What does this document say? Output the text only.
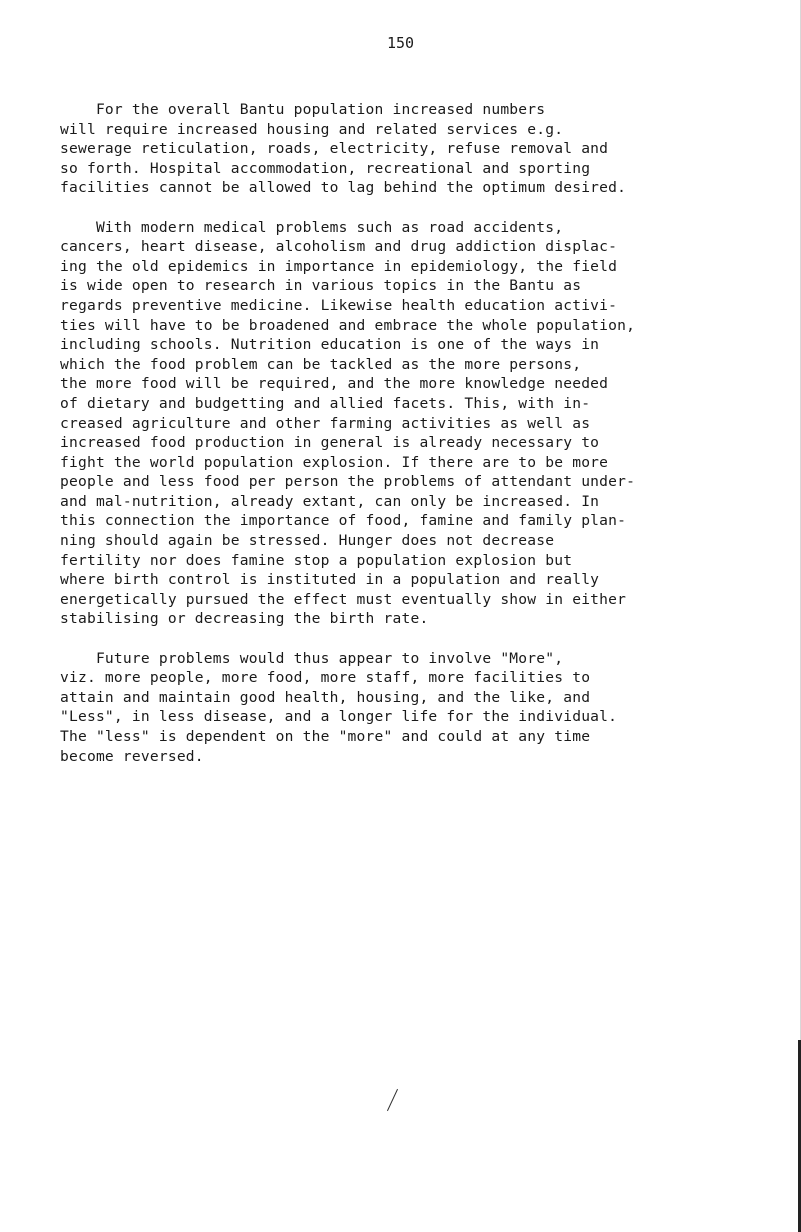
150
For the overall Bantu population increased numbers
will require increased housing and related services e.g.
sewerage reticulation, roads, electricity, refuse removal and
so forth. Hospital accommodation, recreational and sporting
facilities cannot be allowed to lag behind the optimum desired.
With modern medical problems such as road accidents,
cancers, heart disease, alcoholism and drug addiction displac-
ing the old epidemics in importance in epidemiology, the field
is wide open to research in various topics in the Bantu as
regards preventive medicine. Likewise health education activi-
ties will have to be broadened and embrace the whole population,
including schools. Nutrition education is one of the ways in
which the food problem can be tackled as the more persons,
the more food will be required, and the more knowledge needed
of dietary and budgetting and allied facets. This, with in-
creased agriculture and other farming activities as well as
increased food production in general is already necessary to
fight the world population explosion. If there are to be more
people and less food per person the problems of attendant under-
and mal-nutrition, already extant, can only be increased. In
this connection the importance of food, famine and family plan-
ning should again be stressed. Hunger does not decrease
fertility nor does famine stop a population explosion but
where birth control is instituted in a population and really
energetically pursued the effect must eventually show in either
stabilising or decreasing the birth rate.
Future problems would thus appear to involve "More",
viz. more people, more food, more staff, more facilities to
attain and maintain good health, housing, and the like, and
"Less", in less disease, and a longer life for the individual.
The "less" is dependent on the "more" and could at any time
become reversed.
